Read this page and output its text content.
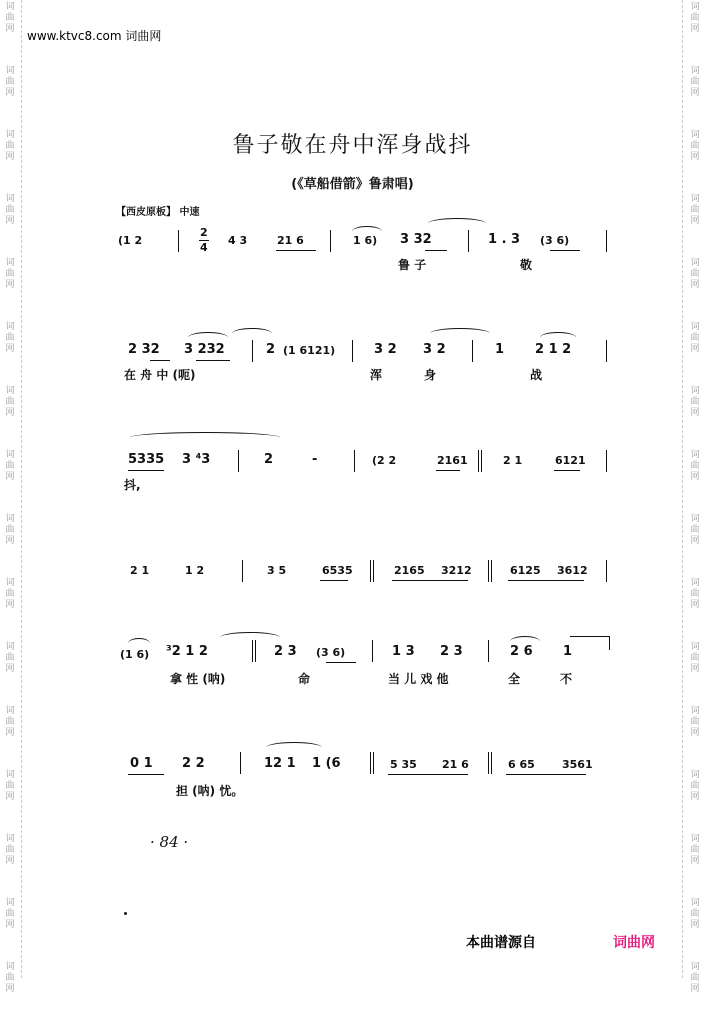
词
曲
网
词
曲
网
词
曲
网
词
曲
网
词
曲
网
词
曲
网
词
曲
网
词
曲
网
词
曲
网
词
曲
网
词
曲
网
词
曲
网
词
曲
网
词
曲
网
词
曲
网
词
曲
网
词
曲
网
词
曲
网
词
曲
网
词
曲
网
词
曲
网
词
曲
网
词
曲
网
词
曲
网
词
曲
网
词
曲
网
词
曲
网
词
曲
网
词
曲
网
词
曲
网
词
曲
网
词
曲
网
www.ktvc8.com 词曲网
鲁子敬在舟中浑身战抖
(《草船借箭》鲁肃唱)
【西皮原板】 中速
(1 2
2
4
4 3	21 6	1 6) 3 32	1 . 3 (3 6)
鲁 子	敬
2 32 3 232	2 (1 6121)	3 2 3 2	1 2 1 2
在 舟 中 (呃)	浑	身	战
5335 3 ⁴3	2	-	(2 2	2161	2 1	6121
抖,
2 1	1 2	3 5	6535	2165 3212	6125 3612
(1 6) ³2 1 2	2 3 (3 6)	1 3 2 3	2 6 1
拿 性 (呐)	命	当 儿 戏 他	全	不
0 1 2 2	12 1 1 (6	5 35 21 6	6 65 3561
担 (呐) 忧。
· 84 ·
本曲谱源自	词曲网
